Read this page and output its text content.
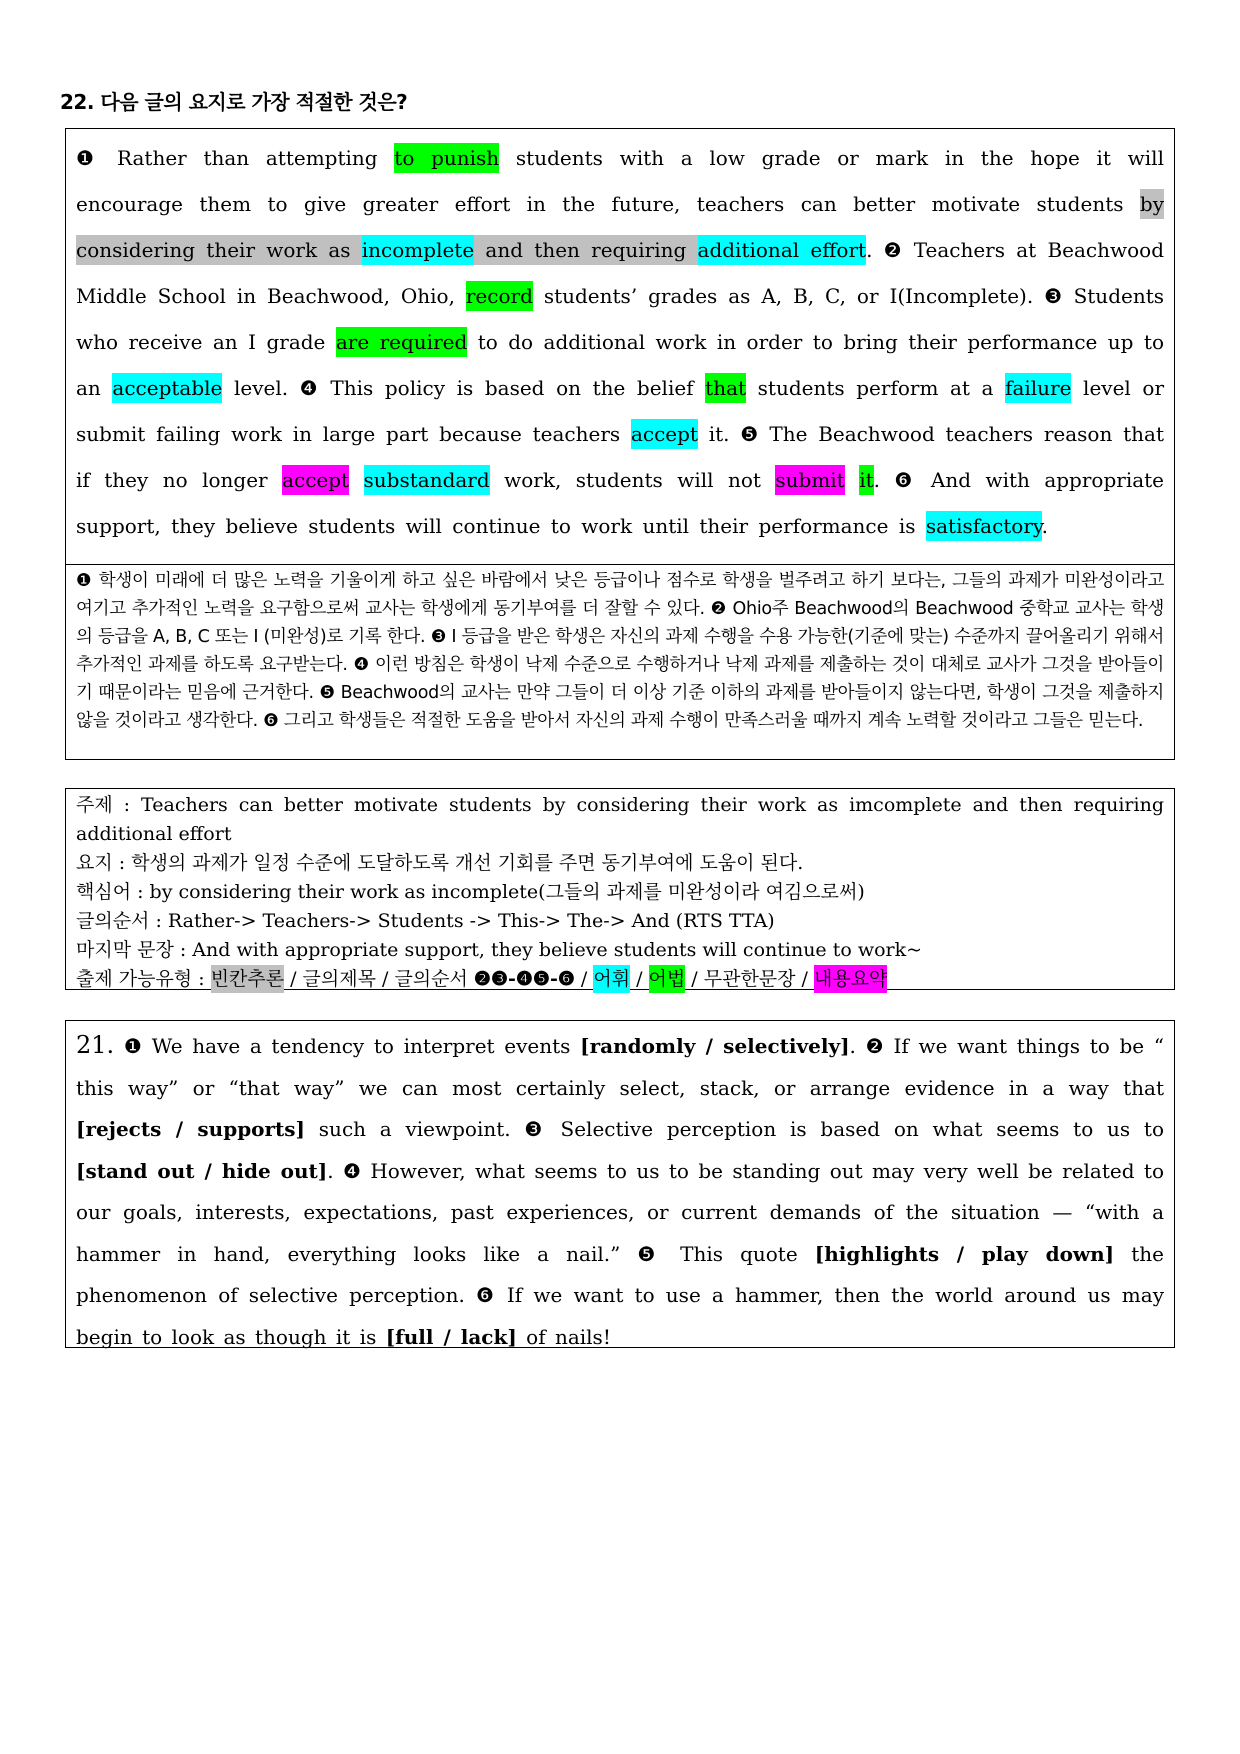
22. 다음 글의 요지로 가장 적절한 것은?
❶ Rather than attempting to punish students with a low grade or mark in the hope it will encourage them to give greater effort in the future, teachers can better motivate students by considering their work as incomplete and then requiring additional effort. ❷ Teachers at Beachwood Middle School in Beachwood, Ohio, record students’ grades as A, B, C, or I(Incomplete). ❸ Students who receive an I grade are required to do additional work in order to bring their performance up to an acceptable level. ❹ This policy is based on the belief that students perform at a failure level or submit failing work in large part because teachers accept it. ❺ The Beachwood teachers reason that if they no longer accept substandard work, students will not submit it. ❻ And with appropriate support, they believe students will continue to work until their performance is satisfactory.
❶ 학생이 미래에 더 많은 노력을 기울이게 하고 싶은 바람에서 낮은 등급이나 점수로 학생을 벌주려고 하기 보다는, 그들의 과제가 미완성이라고 여기고 추가적인 노력을 요구함으로써 교사는 학생에게 동기부여를 더 잘할 수 있다. ❷ Ohio주 Beachwood의 Beachwood 중학교 교사는 학생의 등급을 A, B, C 또는 I (미완성)로 기록 한다. ❸ I 등급을 받은 학생은 자신의 과제 수행을 수용 가능한(기준에 맞는) 수준까지 끌어올리기 위해서 추가적인 과제를 하도록 요구받는다. ❹ 이런 방침은 학생이 낙제 수준으로 수행하거나 낙제 과제를 제출하는 것이 대체로 교사가 그것을 받아들이기 때문이라는 믿음에 근거한다. ❺ Beachwood의 교사는 만약 그들이 더 이상 기준 이하의 과제를 받아들이지 않는다면, 학생이 그것을 제출하지 않을 것이라고 생각한다. ❻ 그리고 학생들은 적절한 도움을 받아서 자신의 과제 수행이 만족스러울 때까지 계속 노력할 것이라고 그들은 믿는다.
주제 : Teachers can better motivate students by considering their work as imcomplete and then requiring additional effort
요지 : 학생의 과제가 일정 수준에 도달하도록 개선 기회를 주면 동기부여에 도움이 된다.
핵심어 : by considering their work as incomplete(그들의 과제를 미완성이라 여김으로써)
글의순서 : Rather-> Teachers-> Students -> This-> The-> And (RTS TTA)
마지막 문장 : And with appropriate support, they believe students will continue to work~
출제 가능유형 : 빈칸추론 / 글의제목 / 글의순서 ❷❸-❹❺-❻ / 어휘 / 어법 / 무관한문장 / 내용요약
21. ❶ We have a tendency to interpret events [randomly / selectively]. ❷ If we want things to be “ this way” or “that way” we can most certainly select, stack, or arrange evidence in a way that [rejects / supports] such a viewpoint. ❸ Selective perception is based on what seems to us to [stand out / hide out]. ❹ However, what seems to us to be standing out may very well be related to our goals, interests, expectations, past experiences, or current demands of the situation — “with a hammer in hand, everything looks like a nail.” ❺ This quote [highlights / play down] the phenomenon of selective perception. ❻ If we want to use a hammer, then the world around us may begin to look as though it is [full / lack] of nails!
